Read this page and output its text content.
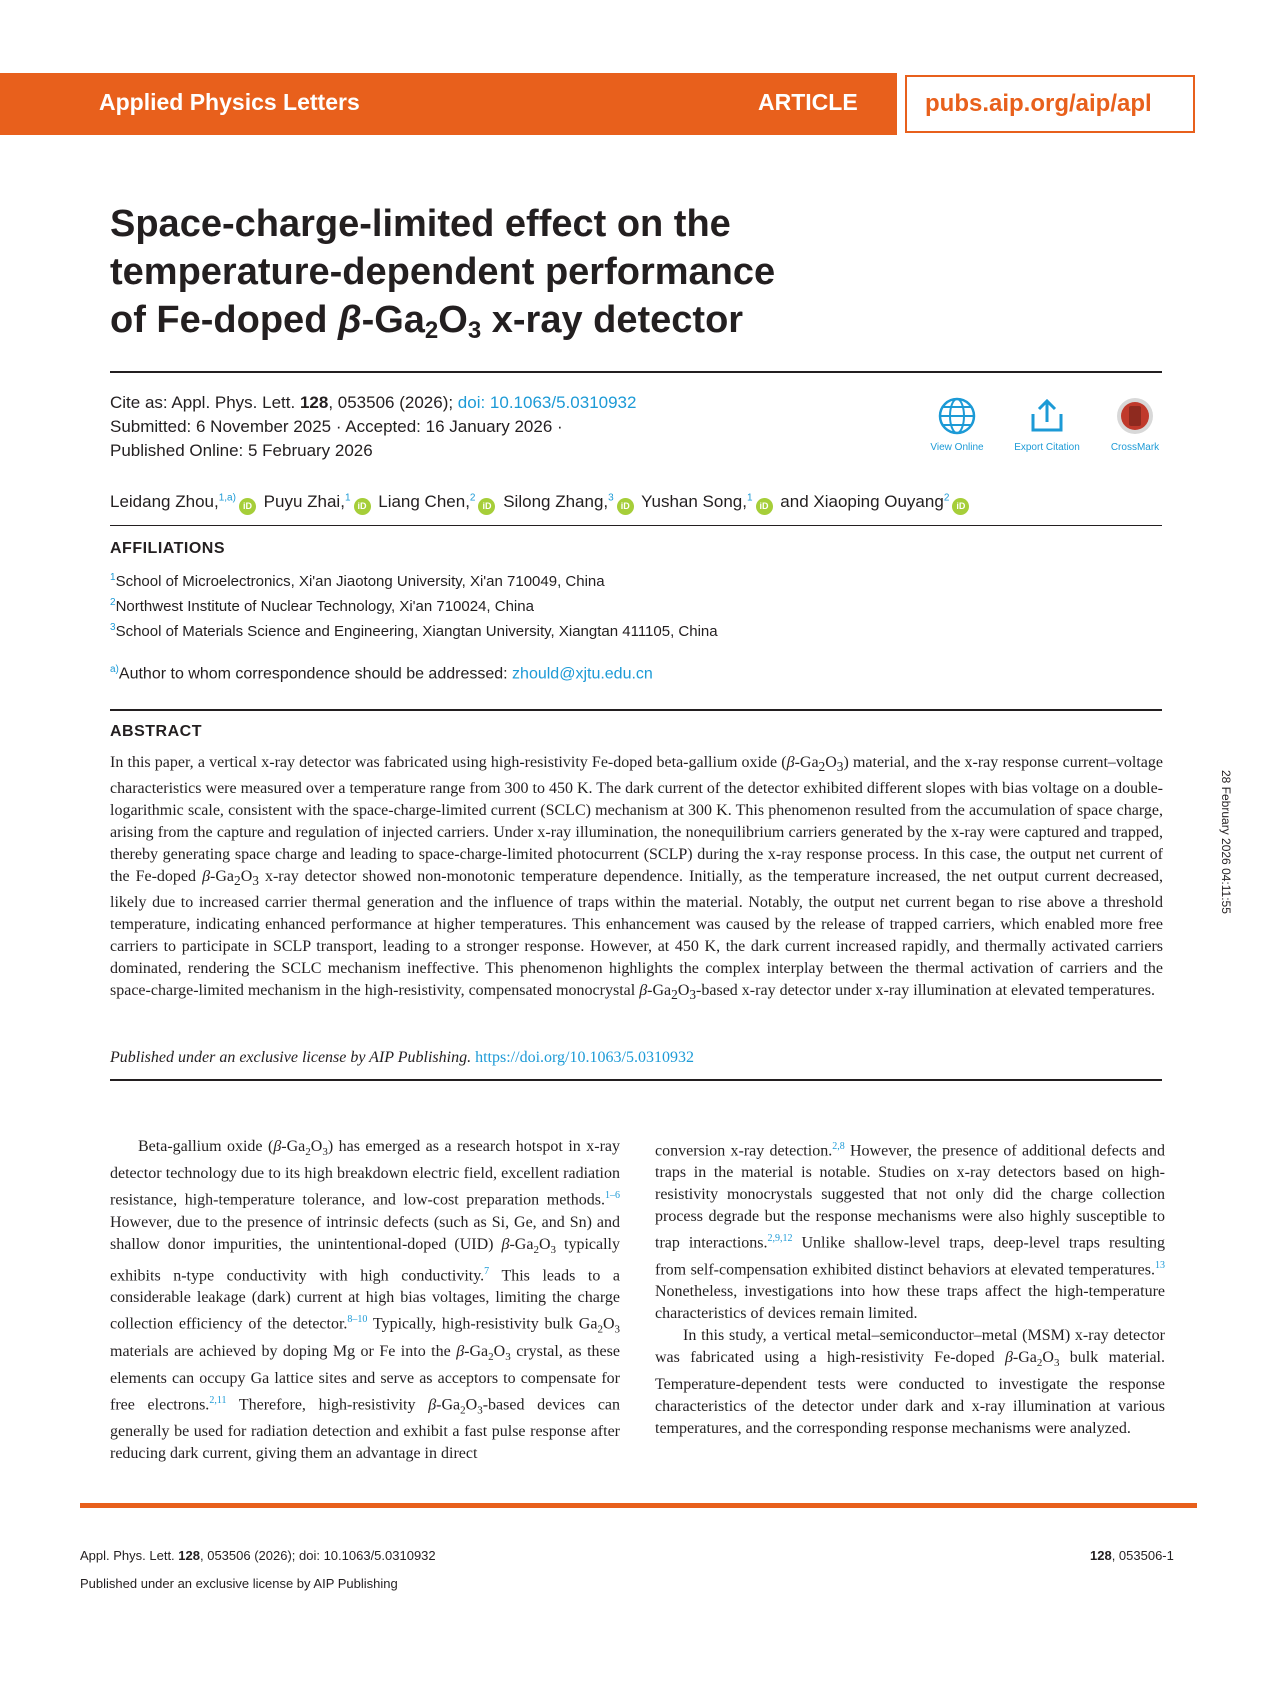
Applied Physics Letters	ARTICLE	pubs.aip.org/aip/apl
Space-charge-limited effect on the
temperature-dependent performance
of Fe-doped $\beta-Ga_2O_3$ x-ray detector
Cite as: Appl. Phys. Lett. 128, 053506 (2026); doi: 10.1063/5.0310932
Submitted: 6 November 2025 · Accepted: 16 January 2026 ·
Published Online: 5 February 2026	View Online	Export Citation	CrossMark
Leidang Zhou,$^{1,a)}$iD Puyu Zhai,$^1$iD Liang Chen,$^2$iD Silong Zhang,$^3$iD Yushan Song,$^1$iD and Xiaoping Ouyang$^2$iD
AFFILIATIONS
$^1$School of Microelectronics, Xi'an Jiaotong University, Xi'an 710049, China
$^2$Northwest Institute of Nuclear Technology, Xi'an 710024, China
$^3$School of Materials Science and Engineering, Xiangtan University, Xiangtan 411105, China
$^{a)}$Author to whom correspondence should be addressed: zhould@xjtu.edu.cn
ABSTRACT
In this paper, a vertical x-ray detector was fabricated using high-resistivity Fe-doped beta-gallium oxide $(\beta-Ga_2O_3)$ material, and the x-ray response current–voltage characteristics were measured over a temperature range from 300 to 450 K. The dark current of the detector exhibited different slopes with bias voltage on a double-logarithmic scale, consistent with the space-charge-limited current (SCLC) mechanism at 300 K. This phenomenon resulted from the accumulation of space charge, arising from the capture and regulation of injected carriers. Under x-ray illumination, the nonequilibrium carriers generated by the x-ray were captured and trapped, thereby generating space charge and leading to space-charge-limited photocurrent (SCLP) during the x-ray response process. In this case, the output net current of the Fe-doped $\beta-Ga_2O_3$ x-ray detector showed non-monotonic temperature dependence. Initially, as the temperature increased, the net output current decreased, likely due to increased carrier thermal generation and the influence of traps within the material. Notably, the output net current began to rise above a threshold temperature, indicating enhanced performance at higher temperatures. This enhancement was caused by the release of trapped carriers, which enabled more free carriers to participate in SCLP transport, leading to a stronger response. However, at 450 K, the dark current increased rapidly, and thermally activated carriers dominated, rendering the SCLC mechanism ineffective. This phenomenon highlights the complex interplay between the thermal activation of carriers and the space-charge-limited mechanism in the high-resistivity, compensated monocrystal $\beta-Ga_2O_3$-based x-ray detector under x-ray illumination at elevated temperatures.
Published under an exclusive license by AIP Publishing. https://doi.org/10.1063/5.0310932

Beta-gallium oxide $(\beta-Ga_2O_3)$ has emerged as a research hotspot in x-ray detector technology due to its high breakdown electric field, excellent radiation resistance, high-temperature tolerance, and low-cost preparation methods.$^{1-6}$ However, due to the presence of intrinsic defects (such as Si, Ge, and Sn) and shallow donor impurities, the unintentional-doped (UID) $\beta-Ga_2O_3$ typically exhibits n-type conductivity with high conductivity.$^7$ This leads to a considerable leakage (dark) current at high bias voltages, limiting the charge collection efficiency of the detector.$^{8-10}$ Typically, high-resistivity bulk $Ga_2O_3$ materials are achieved by doping Mg or Fe into the $\beta-Ga_2O_3$ crystal, as these elements can occupy Ga lattice sites and serve as acceptors to compensate for free electrons.$^{2,11}$ Therefore, high-resistivity $\beta-Ga_2O_3$-based devices can generally be used for radiation detection and exhibit a fast pulse response after reducing dark current, giving them an advantage in direct

conversion x-ray detection.$^{2,8}$ However, the presence of additional defects and traps in the material is notable. Studies on x-ray detectors based on high-resistivity monocrystals suggested that not only did the charge collection process degrade but the response mechanisms were also highly susceptible to trap interactions.$^{2,9,12}$ Unlike shallow-level traps, deep-level traps resulting from self-compensation exhibited distinct behaviors at elevated temperatures.$^{13}$ Nonetheless, investigations into how these traps affect the high-temperature characteristics of devices remain limited.

In this study, a vertical metal–semiconductor–metal (MSM) x-ray detector was fabricated using a high-resistivity Fe-doped $\beta-Ga_2O_3$ bulk material. Temperature-dependent tests were conducted to investigate the response characteristics of the detector under dark and x-ray illumination at various temperatures, and the corresponding response mechanisms were analyzed.

28 February 2026 04:11:55
Appl. Phys. Lett. 128, 053506 (2026); doi: 10.1063/5.0310932	128, 053506-1
Published under an exclusive license by AIP Publishing
